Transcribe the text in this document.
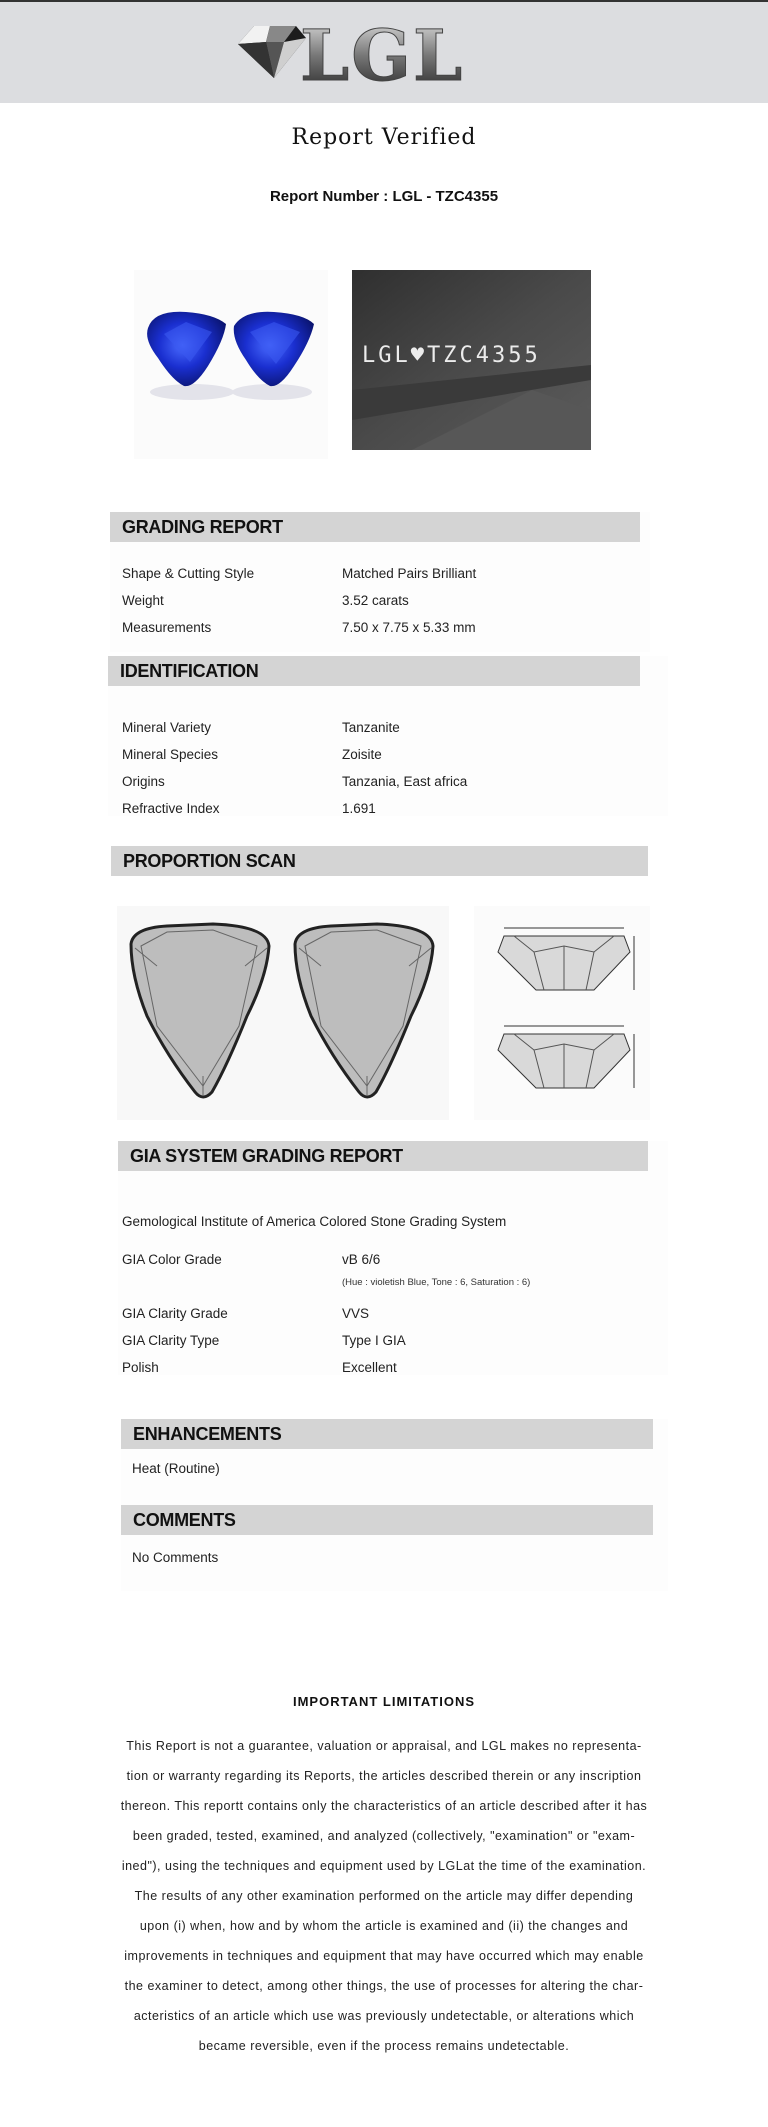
LGL
Report Verified
Report Number : LGL - TZC4355
LGL♥TZC4355
GRADING REPORT
Shape & Cutting Style	Matched Pairs Brilliant
Weight	3.52 carats
Measurements	7.50 x 7.75 x 5.33 mm
IDENTIFICATION
Mineral Variety	Tanzanite
Mineral Species	Zoisite
Origins	Tanzania, East africa
Refractive Index	1.691
PROPORTION SCAN
GIA SYSTEM GRADING REPORT
Gemological Institute of America Colored Stone Grading System
GIA Color Grade	vB 6/6
(Hue : violetish Blue, Tone : 6, Saturation : 6)
GIA Clarity Grade	VVS
GIA Clarity Type	Type I GIA
Polish	Excellent
ENHANCEMENTS
Heat (Routine)
COMMENTS
No Comments
IMPORTANT LIMITATIONS
This Report is not a guarantee, valuation or appraisal, and LGL makes no representa-
tion or warranty regarding its Reports, the articles described therein or any inscription
thereon. This reportt contains only the characteristics of an article described after it has
been graded, tested, examined, and analyzed (collectively, "examination" or "exam-
ined"), using the techniques and equipment used by LGLat the time of the examination.
The results of any other examination performed on the article may differ depending
upon (i) when, how and by whom the article is examined and (ii) the changes and
improvements in techniques and equipment that may have occurred which may enable
the examiner to detect, among other things, the use of processes for altering the char-
acteristics of an article which use was previously undetectable, or alterations which
became reversible, even if the process remains undetectable.
